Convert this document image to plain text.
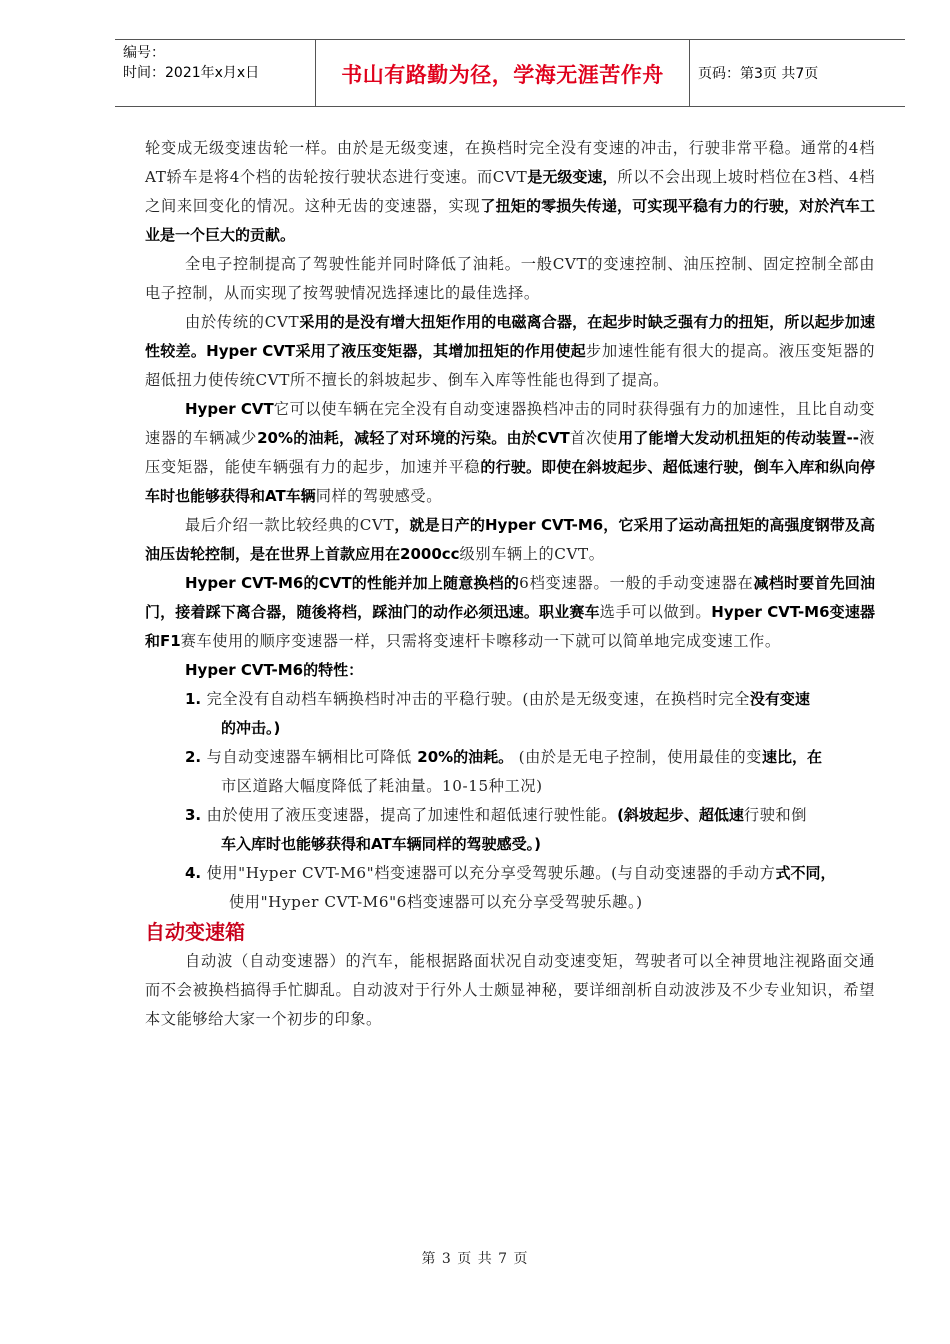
编号：
时间：2021年x月x日	书山有路勤为径，学海无涯苦作舟	页码：第3页 共7页

轮变成无级变速齿轮一样。由於是无级变速，在换档时完全没有变速的冲击，行驶非常平稳。通常的4档AT轿车是将4个档的齿轮按行驶状态进行变速。而CVT是无级变速，所以不会出现上坡时档位在3档、4档之间来回变化的情况。这种无齿的变速器，实现了扭矩的零损失传递，可实现平稳有力的行驶，对於汽车工业是一个巨大的贡献。

全电子控制提高了驾驶性能并同时降低了油耗。一般CVT的变速控制、油压控制、固定控制全部由电子控制，从而实现了按驾驶情况选择速比的最佳选择。

由於传统的CVT采用的是没有增大扭矩作用的电磁离合器，在起步时缺乏强有力的扭矩，所以起步加速性较差。Hyper CVT采用了液压变矩器，其增加扭矩的作用使起步加速性能有很大的提高。液压变矩器的超低扭力使传统CVT所不擅长的斜坡起步、倒车入库等性能也得到了提高。

Hyper CVT它可以使车辆在完全没有自动变速器换档冲击的同时获得强有力的加速性，且比自动变速器的车辆减少20%的油耗，减轻了对环境的污染。由於CVT首次使用了能增大发动机扭矩的传动装置--液压变矩器，能使车辆强有力的起步，加速并平稳的行驶。即使在斜坡起步、超低速行驶，倒车入库和纵向停车时也能够获得和AT车辆同样的驾驶感受。

最后介绍一款比较经典的CVT，就是日产的Hyper CVT-M6，它采用了运动高扭矩的高强度钢带及高油压齿轮控制，是在世界上首款应用在2000cc级别车辆上的CVT。

Hyper CVT-M6的CVT的性能并加上随意换档的6档变速器。一般的手动变速器在减档时要首先回油门，接着踩下离合器，随後将档，踩油门的动作必须迅速。职业赛车选手可以做到。Hyper CVT-M6变速器和F1赛车使用的顺序变速器一样，只需将变速杆卡嚓移动一下就可以简单地完成变速工作。

Hyper CVT-M6的特性：

1. 完全没有自动档车辆换档时冲击的平稳行驶。(由於是无级变速，在换档时完全没有变速

的冲击。)

2. 与自动变速器车辆相比可降低 20%的油耗。 (由於是无电子控制，使用最佳的变速比，在

市区道路大幅度降低了耗油量。10-15种工况)

3. 由於使用了液压变速器，提高了加速性和超低速行驶性能。(斜坡起步、超低速行驶和倒

车入库时也能够获得和AT车辆同样的驾驶感受。)

4. 使用"Hyper CVT-M6"档变速器可以充分享受驾驶乐趣。(与自动变速器的手动方式不同，

使用"Hyper CVT-M6"6档变速器可以充分享受驾驶乐趣。)

自动变速箱

自动波（自动变速器）的汽车，能根据路面状况自动变速变矩，驾驶者可以全神贯地注视路面交通而不会被换档搞得手忙脚乱。自动波对于行外人士颇显神秘，要详细剖析自动波涉及不少专业知识，希望本文能够给大家一个初步的印象。

第 3 页 共 7 页
